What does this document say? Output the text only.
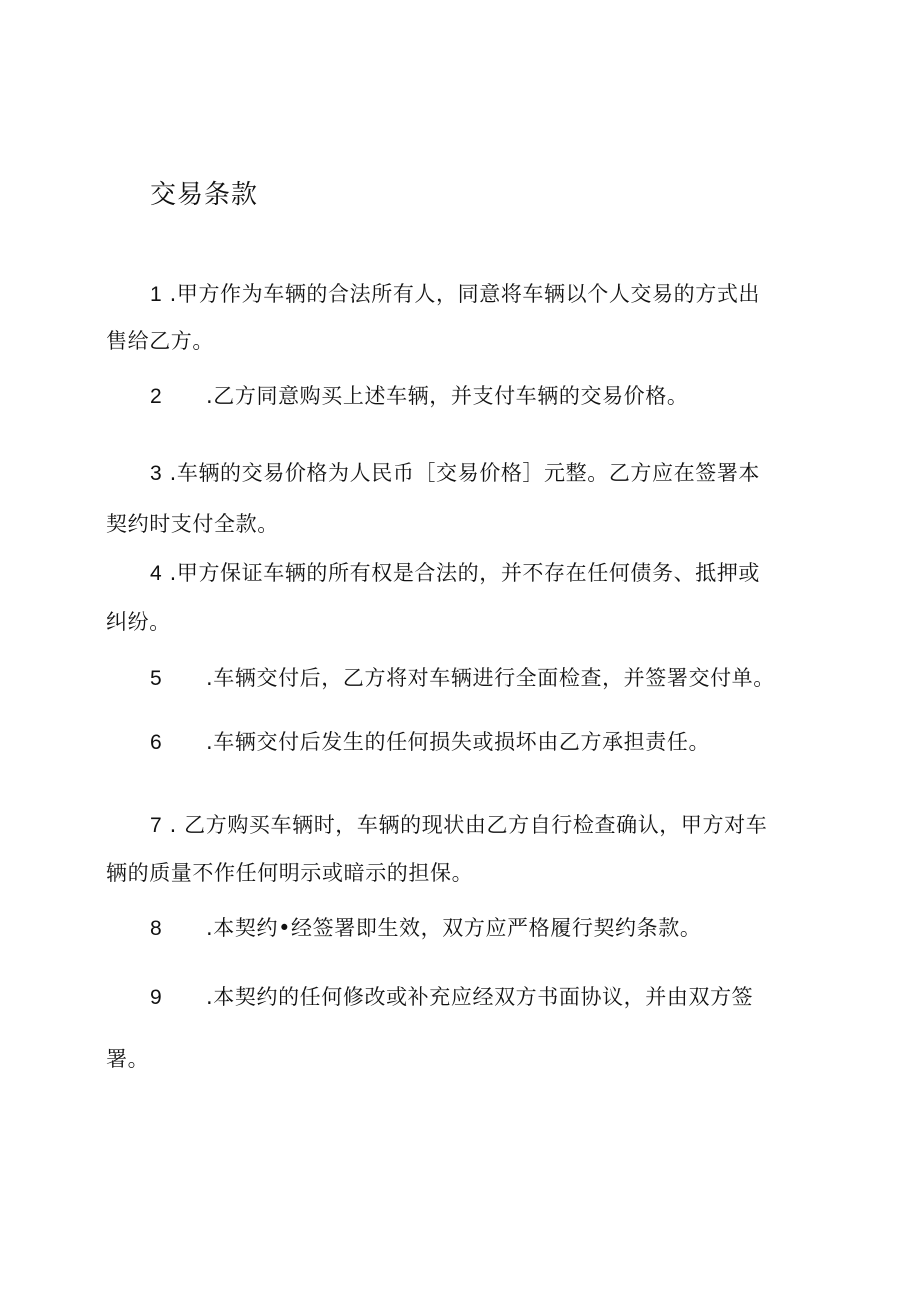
交易条款
1 .甲方作为车辆的合法所有人，同意将车辆以个人交易的方式出
售给乙方。
2 .乙方同意购买上述车辆，并支付车辆的交易价格。
3 .车辆的交易价格为人民币［交易价格］元整。乙方应在签署本
契约时支付全款。
4 .甲方保证车辆的所有权是合法的，并不存在任何债务、抵押或
纠纷。
5 .车辆交付后，乙方将对车辆进行全面检查，并签署交付单。
6 .车辆交付后发生的任何损失或损坏由乙方承担责任。
7 . 乙方购买车辆时，车辆的现状由乙方自行检查确认，甲方对车
辆的质量不作任何明示或暗示的担保。
8 .本契约•经签署即生效，双方应严格履行契约条款。
9 .本契约的任何修改或补充应经双方书面协议，并由双方签
署。
